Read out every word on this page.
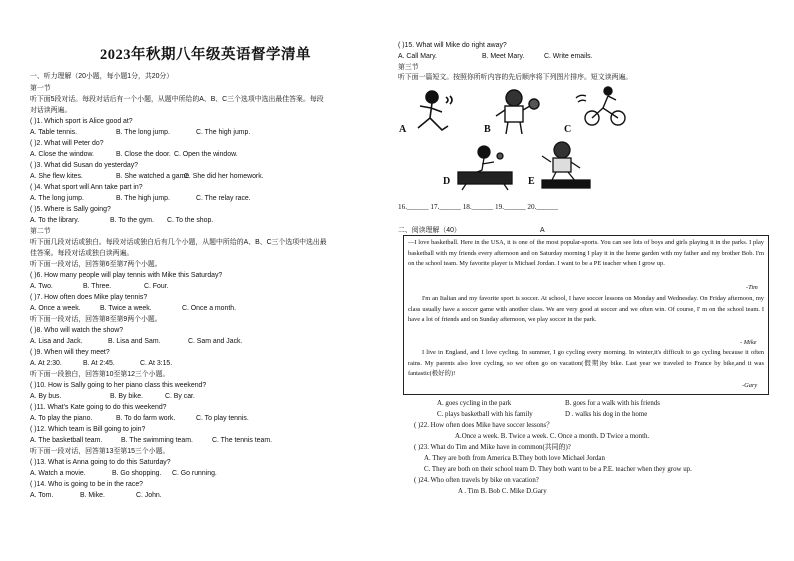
2023年秋期八年级英语督学清单
一、听力理解（20小题，每小题1分，共20分）
第一节
听下面5段对话。每段对话后有一个小题，从题中所给的A、B、C三个选项中选出最佳答案。每段
对话读两遍。
( )1. Which sport is Alice good at?
A. Table tennis.	B. The long jump.	C. The high jump.
( )2. What will Peter do?
A. Close the window.	B. Close the door. C. Open the window.
( )3. What did Susan do yesterday?
A. She flew kites.	B. She watched a game.C. She did her homework.
( )4. What sport will Ann take part in?
A. The long jump.	B. The high jump.	C. The relay race.
( )5. Where is Sally going?
A. To the library.	B. To the gym. C. To the shop.
第二节
听下面几段对话或独白。每段对话或独白后有几个小题，从题中所给的A、B、C三个选项中选出最
佳答案。每段对话或独白读两遍。
听下面一段对话，回答第6至第7两个小题。
( )6. How many people will play tennis with Mike this Saturday?
A. Two.	B. Three.	C. Four.
( )7. How often does Mike play tennis?
A. Once a week.	B. Twice a week.	C. Once a month.
听下面一段对话，回答第8至第9两个小题。
( )8. Who will watch the show?
A. Lisa and Jack.	B. Lisa and Sam.	C. Sam and Jack.
( )9. When will they meet?
A. At 2:30.	B. At 2:45.	C. At 3:15.
听下面一段独白，回答第10至第12三个小题。
( )10. How is Sally going to her piano class this weekend?
A. By bus.	B. By bike.	C. By car.
( )11. What’s Kate going to do this weekend?
A. To play the piano.	B. To do farm work.	C. To play tennis.
( )12. Which team is Bill going to join?
A. The basketball team.	B. The swimming team.	C. The tennis team.
听下面一段对话，回答第13至第15三个小题。
( )13. What is Anna going to do this Saturday?
A. Watch a movie.	B. Go shopping. C. Go running.
( )14. Who is going to be in the race?
A. Tom.	B. Mike.	C. John.
( )15. What will Mike do right away?
A. Call Mary.	B. Meet Mary.	C. Write emails.
第三节
听下面一篇短文。按照你所听内容的先后顺序将下列图片排序。短文读两遍。
A	B	C
D	E
16.______ 17.______ 18.______ 19.______ 20.______
二、阅读理解（40）	A
—I love basketball. Here in the USA, it is one of the most popular-sports. You can see lots of boys and girls playing it in the parks. I play basketball with my friends every afternoon and on Saturday morning I play it in the home garden with my father and my brother Bob. I'm on the school team. My favorite player is Michael Jordan. I want to be a PE teacher when I grow up.
-Tim
I'm an Italian and my favorite sport is soccer. At school, I have soccer lessons on Monday and Wednesday. On Friday afternoon, my class usually have a soccer game with another class. We are very good at soccer and we often win. Of course, I' m on the school team. I have a lot of friends and on Sunday afternoon, we play soccer in the park.
- Mike
I live in England, and I love cycling. In summer, I go cycling every morning. In winter,it's difficult to go cycling because it often rains. My parents also love cycling, so we often go on vacation(假期)by bike. Last year we traveled to France by bike,and it was fantastic(极好的)!
-Gary
A. goes cycling in the park	B. goes for a walk with his friends
C. plays basketball with his family	D . walks his dog in the home
( )22. How often does Mike have soccer lessons？
A.Once a week. B. Twice a week. C. Once a month. D Twice a month.
( )23. What do Tim and Mike have in common(共同的)?
A. They are both from America B.They both love Michael Jordan
C. They are both on their school team D. They both want to be a P.E. teacher when they grow up.
( )24. Who often travels by bike on vacation?
A . Tim B. Bob C. Mike D.Gary
